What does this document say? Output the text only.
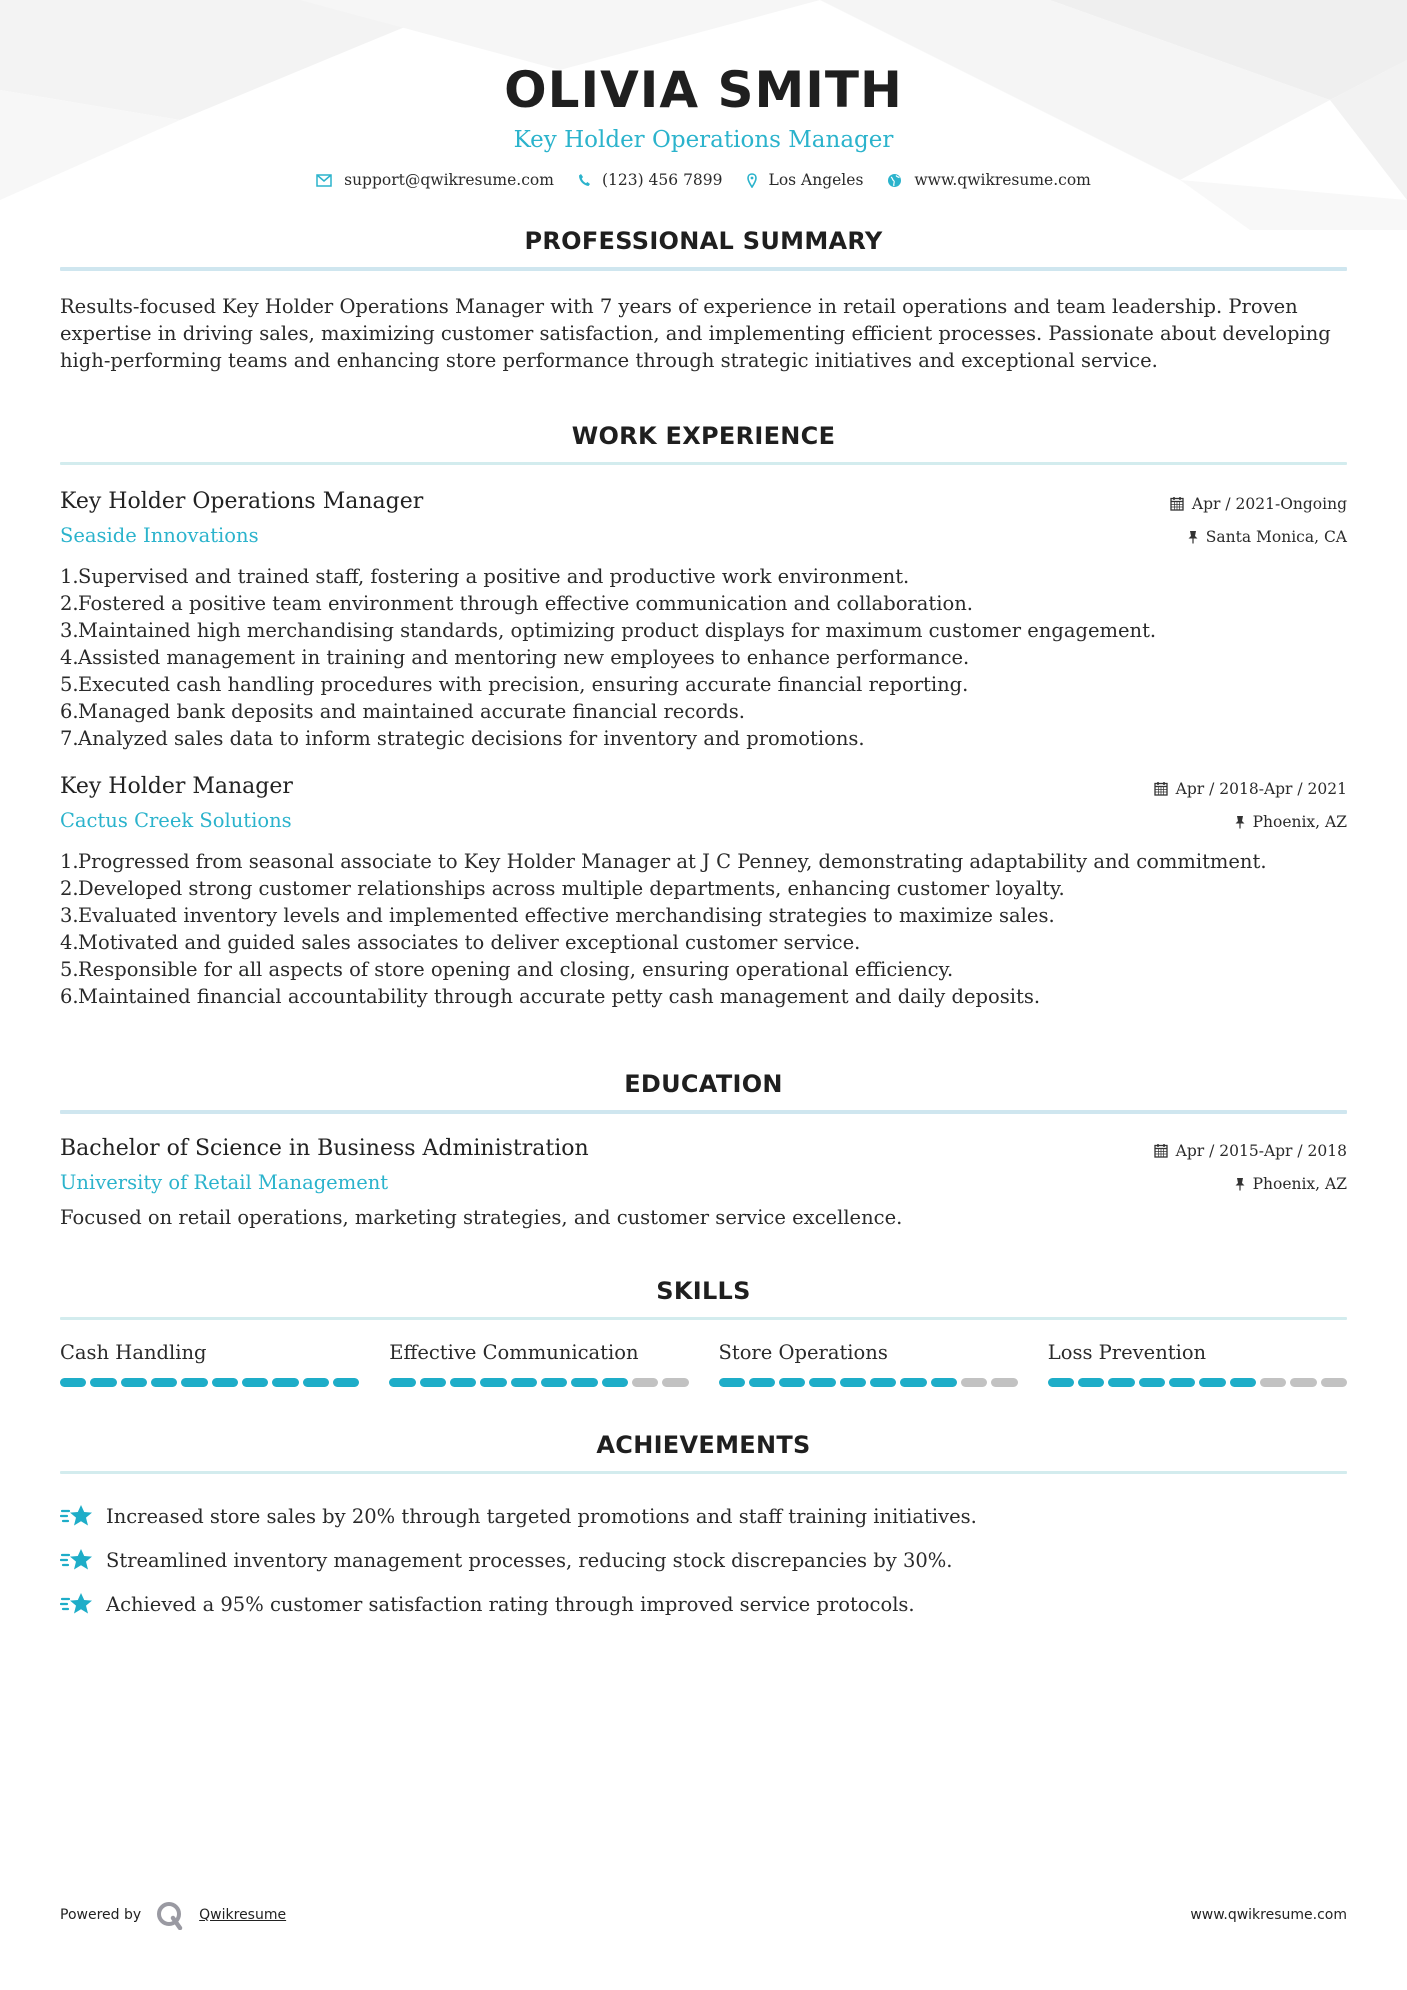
OLIVIA SMITH
Key Holder Operations Manager
support@qwikresume.com	(123) 456 7899	Los Angeles	www.qwikresume.com
PROFESSIONAL SUMMARY

Results-focused Key Holder Operations Manager with 7 years of experience in retail operations and team leadership. Proven expertise in driving sales, maximizing customer satisfaction, and implementing efficient processes. Passionate about developing high-performing teams and enhancing store performance through strategic initiatives and exceptional service.

WORK EXPERIENCE
Key Holder Operations Manager
Seaside Innovations
Apr / 2021-Ongoing
Santa Monica, CA
1. Supervised and trained staff, fostering a positive and productive work environment.
2. Fostered a positive team environment through effective communication and collaboration.
3. Maintained high merchandising standards, optimizing product displays for maximum customer engagement.
4. Assisted management in training and mentoring new employees to enhance performance.
5. Executed cash handling procedures with precision, ensuring accurate financial reporting.
6. Managed bank deposits and maintained accurate financial records.
7. Analyzed sales data to inform strategic decisions for inventory and promotions.
Key Holder Manager
Cactus Creek Solutions
Apr / 2018-Apr / 2021
Phoenix, AZ
1. Progressed from seasonal associate to Key Holder Manager at J C Penney, demonstrating adaptability and commitment.
2. Developed strong customer relationships across multiple departments, enhancing customer loyalty.
3. Evaluated inventory levels and implemented effective merchandising strategies to maximize sales.
4. Motivated and guided sales associates to deliver exceptional customer service.
5. Responsible for all aspects of store opening and closing, ensuring operational efficiency.
6. Maintained financial accountability through accurate petty cash management and daily deposits.
EDUCATION
Bachelor of Science in Business Administration
University of Retail Management
Apr / 2015-Apr / 2018
Phoenix, AZ

Focused on retail operations, marketing strategies, and customer service excellence.

SKILLS
Cash Handling	Effective Communication	Store Operations	Loss Prevention
ACHIEVEMENTS
Increased store sales by 20% through targeted promotions and staff training initiatives.
Streamlined inventory management processes, reducing stock discrepancies by 30%.
Achieved a 95% customer satisfaction rating through improved service protocols.
Powered by	Qwikresume	www.qwikresume.com
